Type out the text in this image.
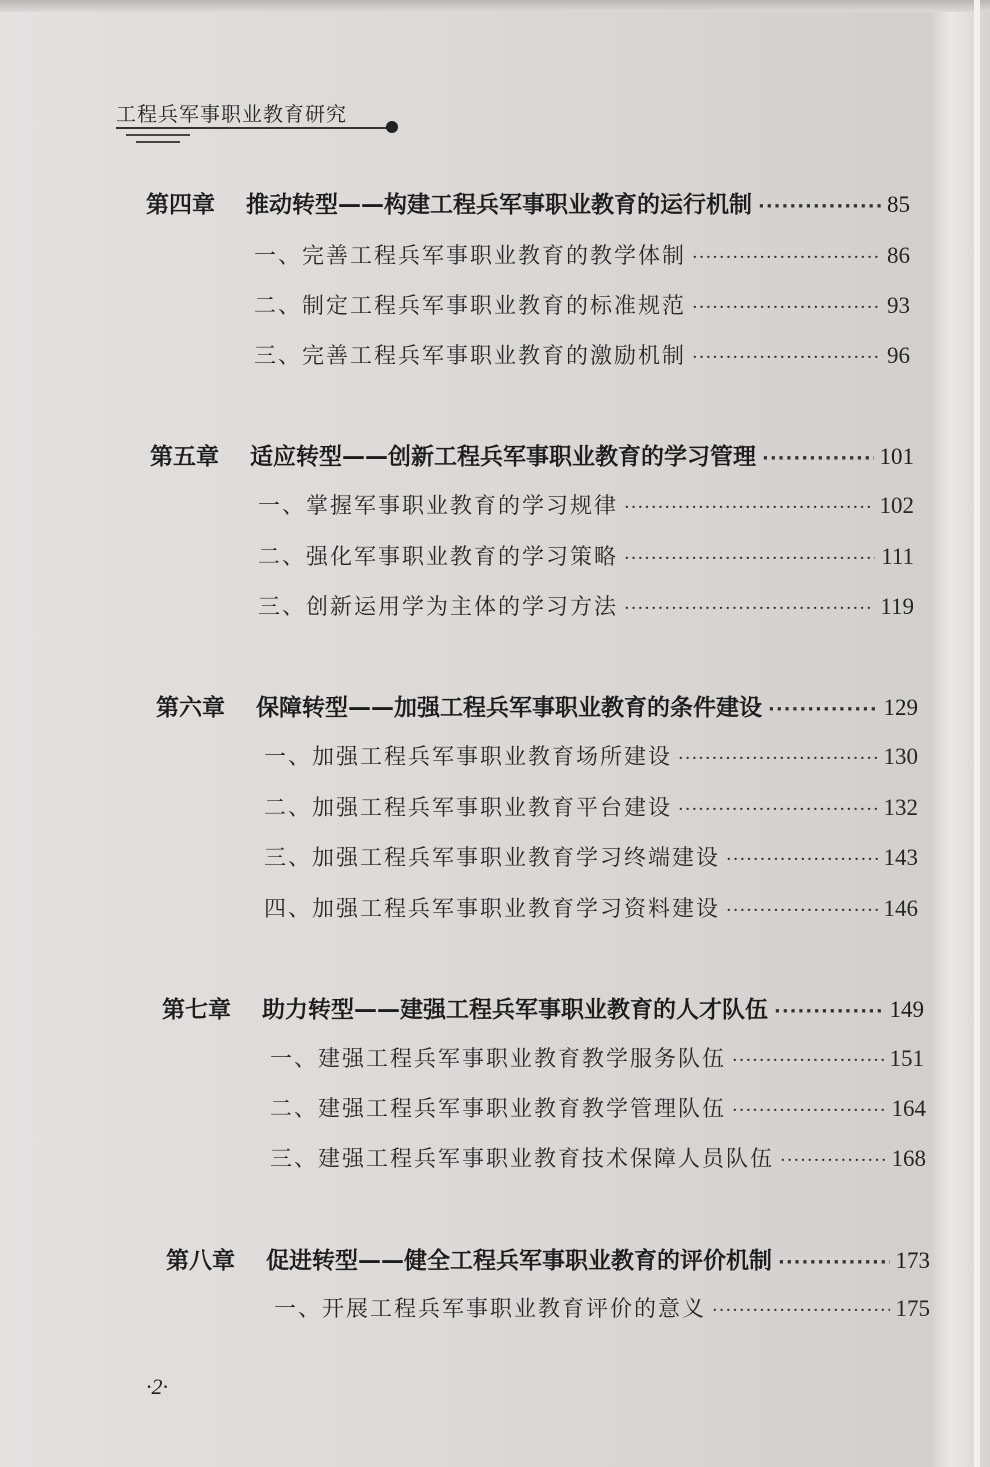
工程兵军事职业教育研究
第四章	推动转型——构建工程兵军事职业教育的运行机制 ·····	85
一、完善工程兵军事职业教育的教学体制 ·····	86
二、制定工程兵军事职业教育的标准规范 ·····	93
三、完善工程兵军事职业教育的激励机制 ·····	96
第五章	适应转型——创新工程兵军事职业教育的学习管理 ·····	101
一、掌握军事职业教育的学习规律 ·····	102
二、强化军事职业教育的学习策略 ·····	111
三、创新运用学为主体的学习方法 ·····	119
第六章	保障转型——加强工程兵军事职业教育的条件建设 ·····	129
一、加强工程兵军事职业教育场所建设 ·····	130
二、加强工程兵军事职业教育平台建设 ·····	132
三、加强工程兵军事职业教育学习终端建设 ·····	143
四、加强工程兵军事职业教育学习资料建设 ·····	146
第七章	助力转型——建强工程兵军事职业教育的人才队伍 ·····	149
一、建强工程兵军事职业教育教学服务队伍 ·····	151
二、建强工程兵军事职业教育教学管理队伍 ·····	164
三、建强工程兵军事职业教育技术保障人员队伍 ·····	168
第八章	促进转型——健全工程兵军事职业教育的评价机制 ·····	173
一、开展工程兵军事职业教育评价的意义 ·····	175
·2·
